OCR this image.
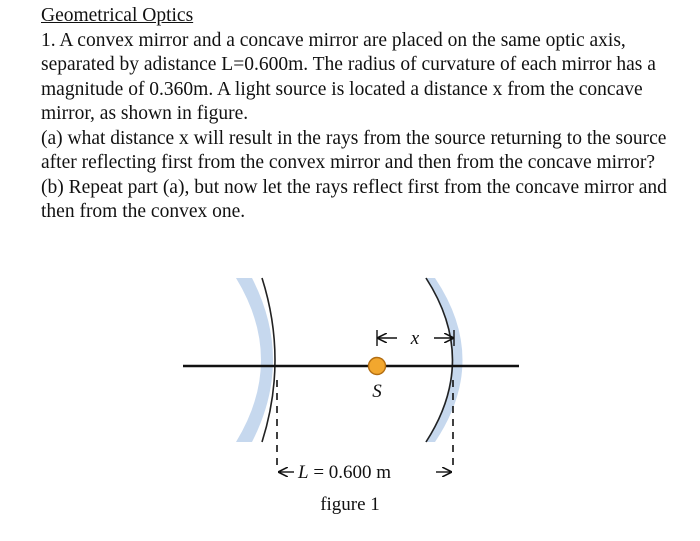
Geometrical Optics

1. A convex mirror and a concave mirror are placed on the same optic axis, separated by adistance L=0.600m. The radius of curvature of each mirror has a magnitude of 0.360m. A light source is located a distance x from the concave mirror, as shown in figure.

(a) what distance x will result in the rays from the source returning to the source after reflecting first from the convex mirror and then from the concave mirror?

(b) Repeat part (a), but now let the rays reflect first from the concave mirror and then from the convex one.

x
S
L = 0.600 m
figure 1
